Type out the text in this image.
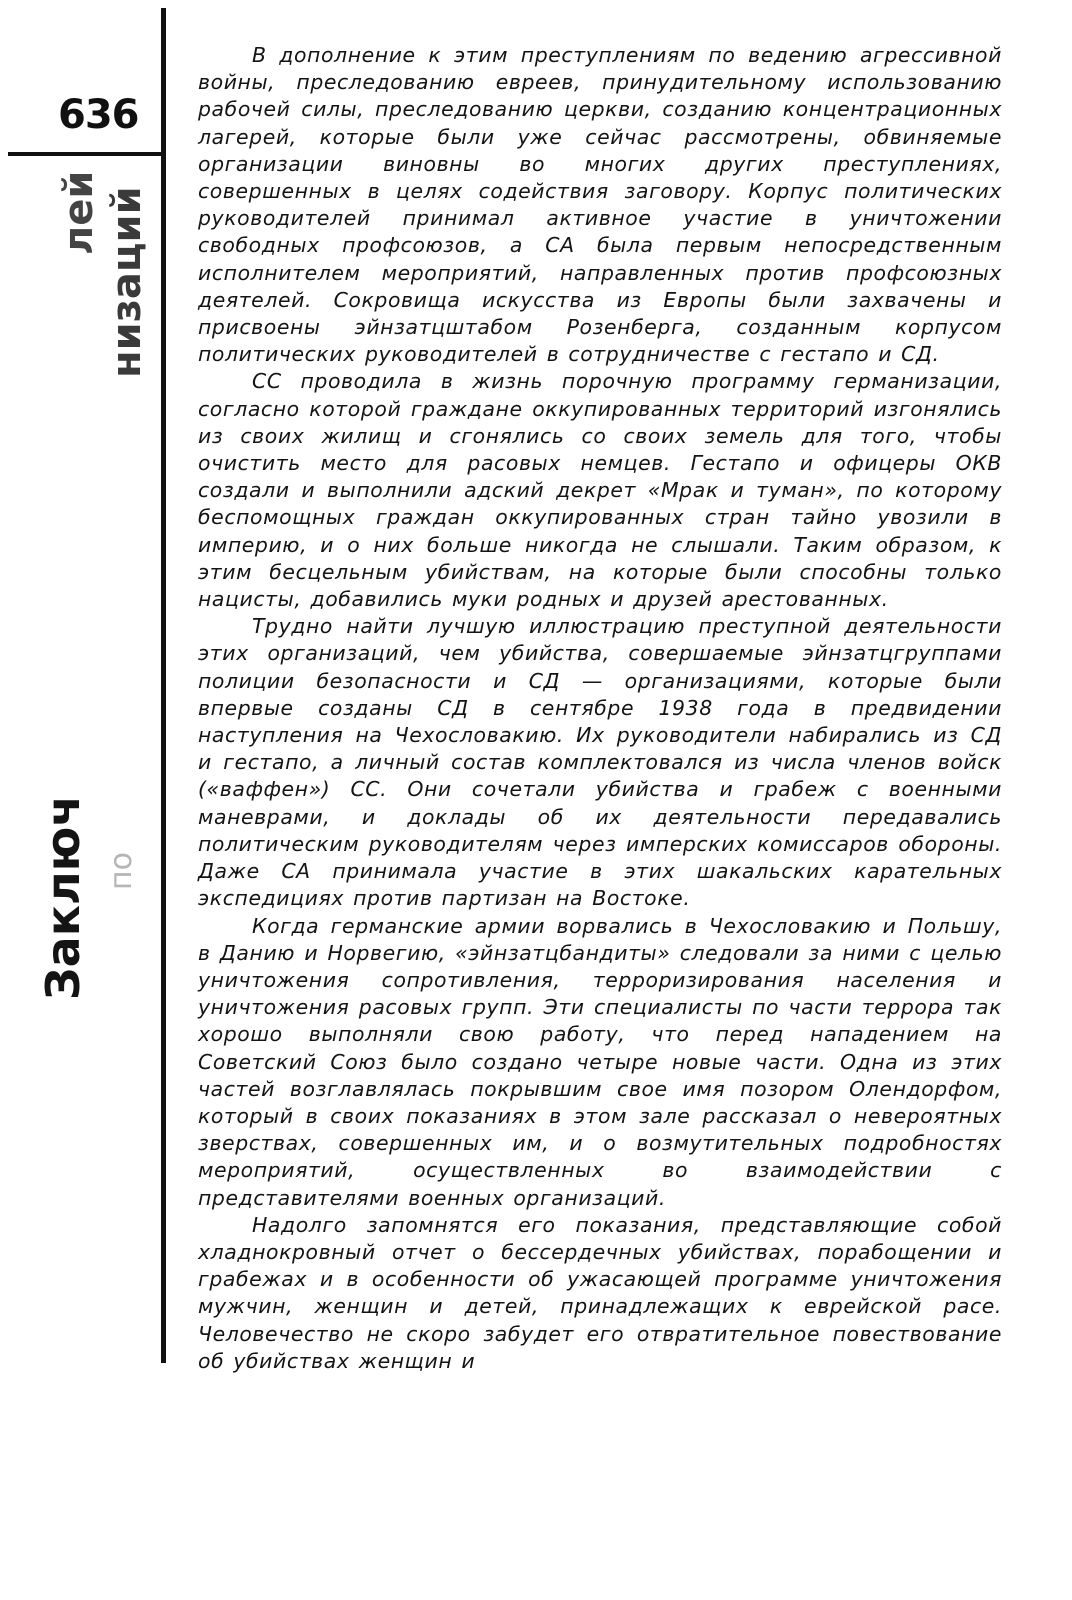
636
лей низаций
Заключ по

В дополнение к этим преступлениям по ведению агрессивной войны, преследованию евреев, принудительному использованию рабочей силы, преследованию церкви, созданию концентрационных лагерей, которые были уже сейчас рассмотрены, обвиняемые организации виновны во многих других преступлениях, совершенных в целях содействия заговору. Корпус политических руководителей принимал активное участие в уничтожении свободных профсоюзов, а СА была первым непосредственным исполнителем мероприятий, направленных против профсоюзных деятелей. Сокровища искусства из Европы были захвачены и присвоены эйнзатцштабом Розенберга, созданным корпусом политических руководителей в сотрудничестве с гестапо и СД.

СС проводила в жизнь порочную программу германизации, согласно которой граждане оккупированных территорий изгонялись из своих жилищ и сгонялись со своих земель для того, чтобы очистить место для расовых немцев. Гестапо и офицеры ОКВ создали и выполнили адский декрет «Мрак и туман», по которому беспомощных граждан оккупированных стран тайно увозили в империю, и о них больше никогда не слышали. Таким образом, к этим бесцельным убийствам, на которые были способны только нацисты, добавились муки родных и друзей арестованных.

Трудно найти лучшую иллюстрацию преступной деятельности этих организаций, чем убийства, совершаемые эйнзатцгруппами полиции безопасности и СД — организациями, которые были впервые созданы СД в сентябре 1938 года в предвидении наступления на Чехословакию. Их руководители набирались из СД и гестапо, а личный состав комплектовался из числа членов войск («ваффен») СС. Они сочетали убийства и грабеж с военными маневрами, и доклады об их деятельности передавались политическим руководителям через имперских комиссаров обороны. Даже СА принимала участие в этих шакальских карательных экспедициях против партизан на Востоке.

Когда германские армии ворвались в Чехословакию и Польшу, в Данию и Норвегию, «эйнзатцбандиты» следовали за ними с целью уничтожения сопротивления, терроризирования населения и уничтожения расовых групп. Эти специалисты по части террора так хорошо выполняли свою работу, что перед нападением на Советский Союз было создано четыре новые части. Одна из этих частей возглавлялась покрывшим свое имя позором Олендорфом, который в своих показаниях в этом зале рассказал о невероятных зверствах, совершенных им, и о возмутительных подробностях мероприятий, осуществленных во взаимодействии с представителями военных организаций.

Надолго запомнятся его показания, представляющие собой хладнокровный отчет о бессердечных убийствах, порабощении и грабежах и в особенности об ужасающей программе уничтожения мужчин, женщин и детей, принадлежащих к еврейской расе. Человечество не скоро забудет его отвратительное повествование об убийствах женщин и
